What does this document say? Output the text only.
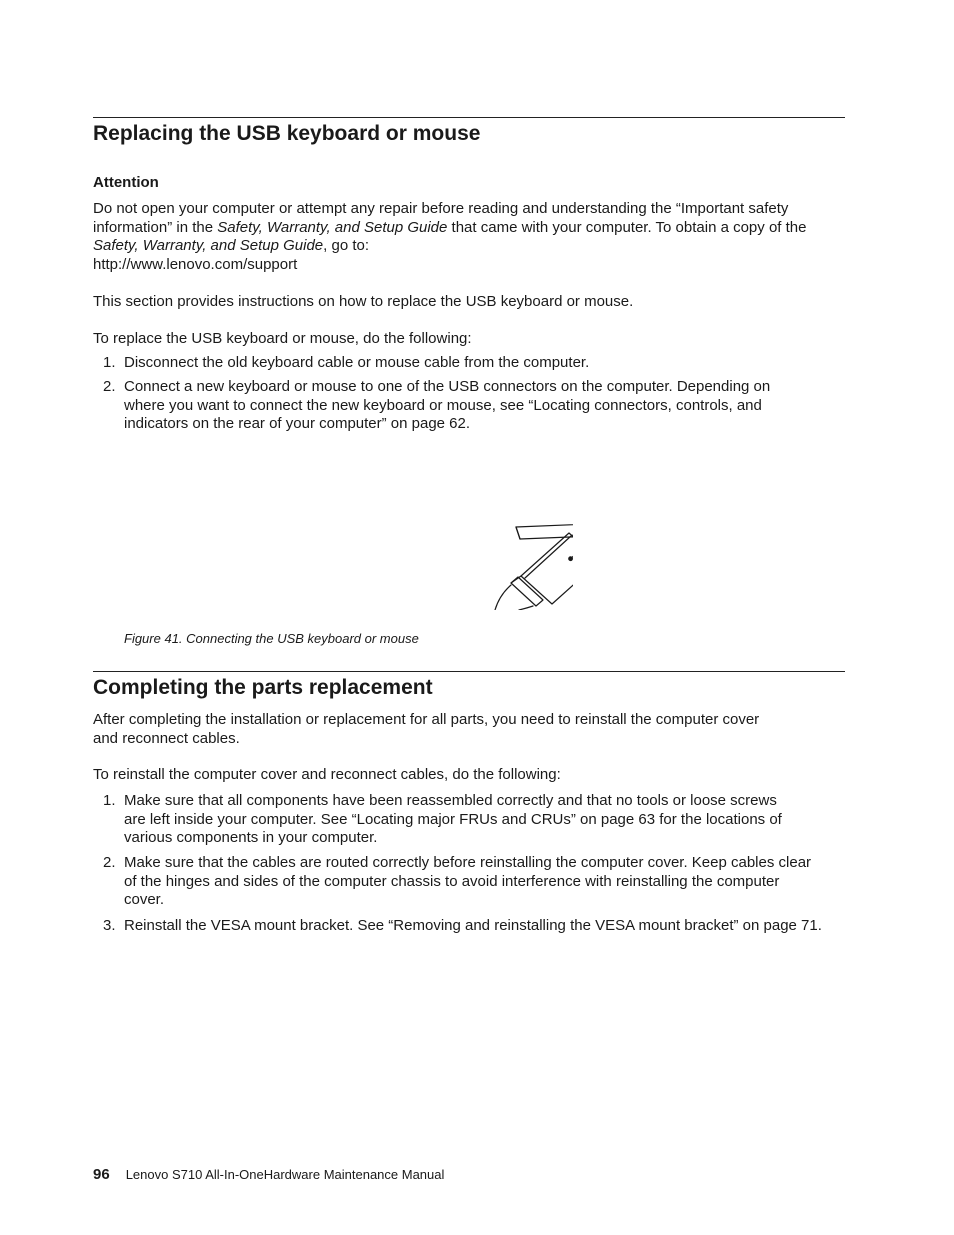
Replacing the USB keyboard or mouse
Attention
Do not open your computer or attempt any repair before reading and understanding the “Important safety
information” in the Safety, Warranty, and Setup Guide that came with your computer. To obtain a copy of the
Safety, Warranty, and Setup Guide, go to:
http://www.lenovo.com/support
This section provides instructions on how to replace the USB keyboard or mouse.
To replace the USB keyboard or mouse, do the following:
1. Disconnect the old keyboard cable or mouse cable from the computer.
2. Connect a new keyboard or mouse to one of the USB connectors on the computer. Depending on
where you want to connect the new keyboard or mouse, see “Locating connectors, controls, and
indicators on the rear of your computer” on page 62.
Figure 41. Connecting the USB keyboard or mouse
Completing the parts replacement
After completing the installation or replacement for all parts, you need to reinstall the computer cover
and reconnect cables.
To reinstall the computer cover and reconnect cables, do the following:
1. Make sure that all components have been reassembled correctly and that no tools or loose screws
are left inside your computer. See “Locating major FRUs and CRUs” on page 63 for the locations of
various components in your computer.
2. Make sure that the cables are routed correctly before reinstalling the computer cover. Keep cables clear
of the hinges and sides of the computer chassis to avoid interference with reinstalling the computer
cover.
3. Reinstall the VESA mount bracket. See “Removing and reinstalling the VESA mount bracket” on page 71.
96 Lenovo S710 All-In-OneHardware Maintenance Manual
